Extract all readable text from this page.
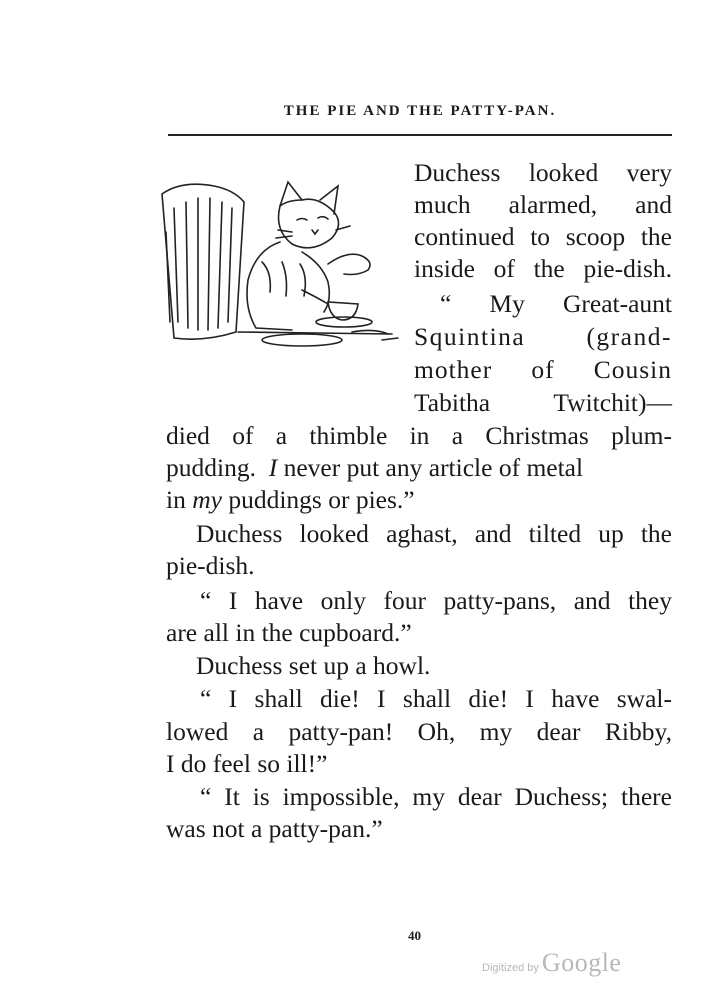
THE PIE AND THE PATTY-PAN.
Duchess looked very
much alarmed, and
continued to scoop the
inside of the pie-dish.
“ My Great-aunt
Squintina (grand-
mother of Cousin
Tabitha Twitchit)—
died of a thimble in a Christmas plum-
pudding. I never put any article of metal
in my puddings or pies.”
Duchess looked aghast, and tilted up the
pie-dish.
“ I have only four patty-pans, and they
are all in the cupboard.”
Duchess set up a howl.
“ I shall die! I shall die! I have swal-
lowed a patty-pan! Oh, my dear Ribby,
I do feel so ill!”
“ It is impossible, my dear Duchess; there
was not a patty-pan.”
40
Digitized by Google
